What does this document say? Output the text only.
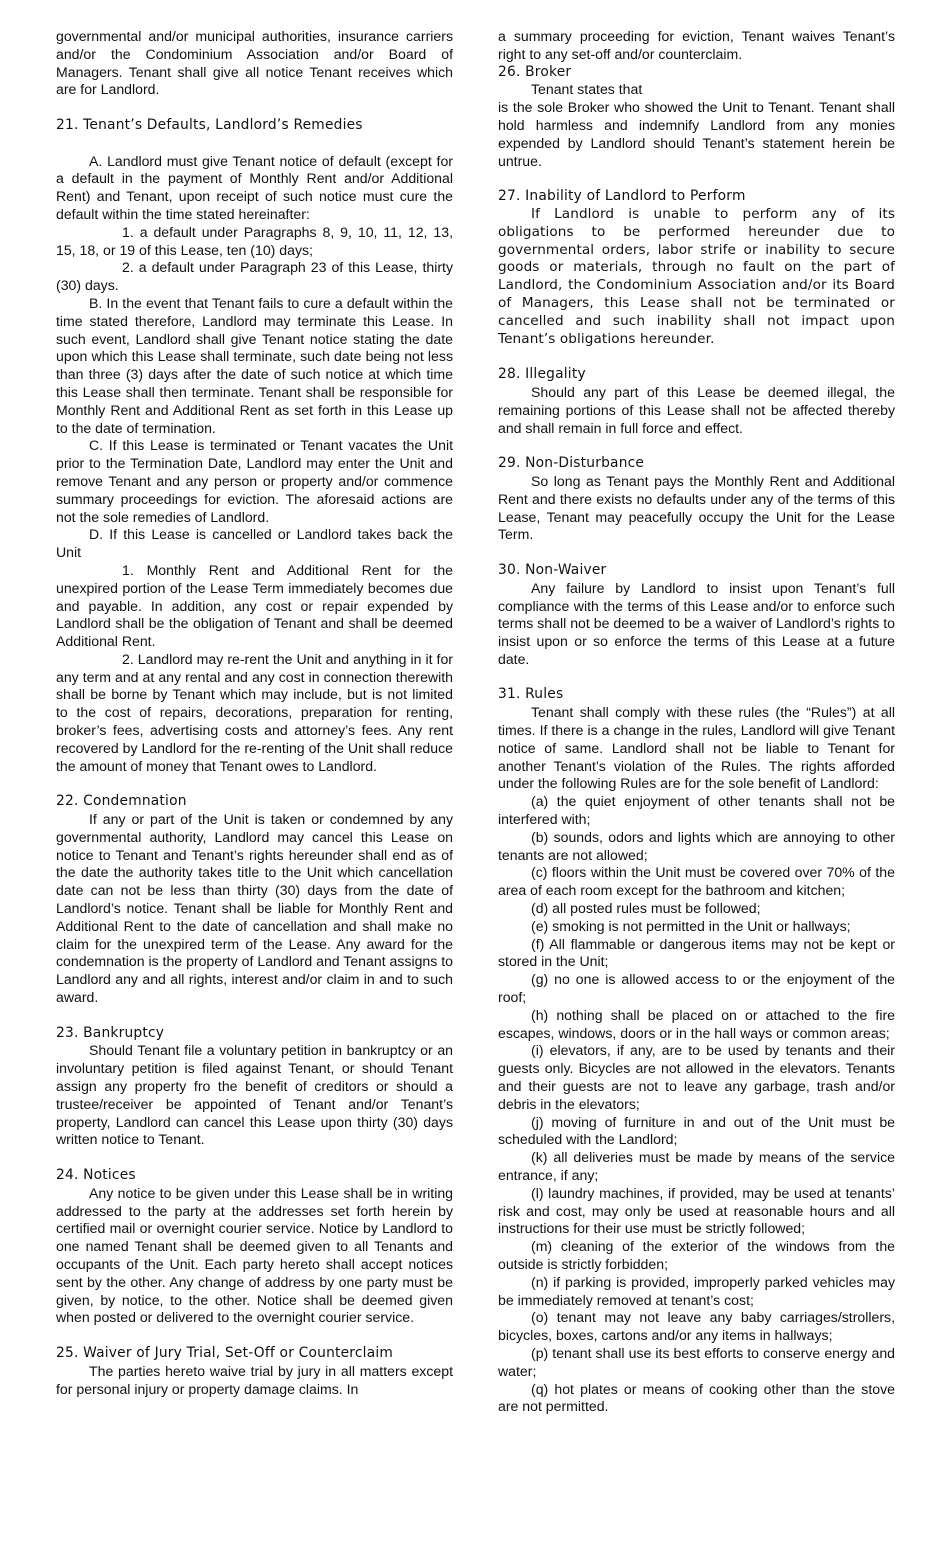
governmental and/or municipal authorities, insurance carriers and/or the Condominium Association and/or Board of Managers. Tenant shall give all notice Tenant receives which are for Landlord.

21. Tenant’s Defaults, Landlord’s Remedies

A. Landlord must give Tenant notice of default (except for a default in the payment of Monthly Rent and/or Additional Rent) and Tenant, upon receipt of such notice must cure the default within the time stated hereinafter:

1. a default under Paragraphs 8, 9, 10, 11, 12, 13, 15, 18, or 19 of this Lease, ten (10) days;

2. a default under Paragraph 23 of this Lease, thirty (30) days.

B. In the event that Tenant fails to cure a default within the time stated therefore, Landlord may terminate this Lease. In such event, Landlord shall give Tenant notice stating the date upon which this Lease shall terminate, such date being not less than three (3) days after the date of such notice at which time this Lease shall then terminate. Tenant shall be responsible for Monthly Rent and Additional Rent as set forth in this Lease up to the date of termination.

C. If this Lease is terminated or Tenant vacates the Unit prior to the Termination Date, Landlord may enter the Unit and remove Tenant and any person or property and/or commence summary proceedings for eviction. The aforesaid actions are not the sole remedies of Landlord.

D. If this Lease is cancelled or Landlord takes back the Unit

1. Monthly Rent and Additional Rent for the unexpired portion of the Lease Term immediately becomes due and payable. In addition, any cost or repair expended by Landlord shall be the obligation of Tenant and shall be deemed Additional Rent.

2. Landlord may re-rent the Unit and anything in it for any term and at any rental and any cost in connection therewith shall be borne by Tenant which may include, but is not limited to the cost of repairs, decorations, preparation for renting, broker’s fees, advertising costs and attorney’s fees. Any rent recovered by Landlord for the re-renting of the Unit shall reduce the amount of money that Tenant owes to Landlord.

22. Condemnation

If any or part of the Unit is taken or condemned by any governmental authority, Landlord may cancel this Lease on notice to Tenant and Tenant’s rights hereunder shall end as of the date the authority takes title to the Unit which cancellation date can not be less than thirty (30) days from the date of Landlord’s notice. Tenant shall be liable for Monthly Rent and Additional Rent to the date of cancellation and shall make no claim for the unexpired term of the Lease. Any award for the condemnation is the property of Landlord and Tenant assigns to Landlord any and all rights, interest and/or claim in and to such award.

23. Bankruptcy

Should Tenant file a voluntary petition in bankruptcy or an involuntary petition is filed against Tenant, or should Tenant assign any property fro the benefit of creditors or should a trustee/receiver be appointed of Tenant and/or Tenant’s property, Landlord can cancel this Lease upon thirty (30) days written notice to Tenant.

24. Notices

Any notice to be given under this Lease shall be in writing addressed to the party at the addresses set forth herein by certified mail or overnight courier service. Notice by Landlord to one named Tenant shall be deemed given to all Tenants and occupants of the Unit. Each party hereto shall accept notices sent by the other. Any change of address by one party must be given, by notice, to the other. Notice shall be deemed given when posted or delivered to the overnight courier service.

25. Waiver of Jury Trial, Set-Off or Counterclaim

The parties hereto waive trial by jury in all matters except for personal injury or property damage claims. In

a summary proceeding for eviction, Tenant waives Tenant’s right to any set-off and/or counterclaim.

26. Broker

Tenant states that

is the sole Broker who showed the Unit to Tenant. Tenant shall hold harmless and indemnify Landlord from any monies expended by Landlord should Tenant’s statement herein be untrue.

27. Inability of Landlord to Perform

If Landlord is unable to perform any of its obligations to be performed hereunder due to governmental orders, labor strife or inability to secure goods or materials, through no fault on the part of Landlord, the Condominium Association and/or its Board of Managers, this Lease shall not be terminated or cancelled and such inability shall not impact upon Tenant’s obligations hereunder.

28. Illegality

Should any part of this Lease be deemed illegal, the remaining portions of this Lease shall not be affected thereby and shall remain in full force and effect.

29. Non-Disturbance

So long as Tenant pays the Monthly Rent and Additional Rent and there exists no defaults under any of the terms of this Lease, Tenant may peacefully occupy the Unit for the Lease Term.

30. Non-Waiver

Any failure by Landlord to insist upon Tenant’s full compliance with the terms of this Lease and/or to enforce such terms shall not be deemed to be a waiver of Landlord’s rights to insist upon or so enforce the terms of this Lease at a future date.

31. Rules

Tenant shall comply with these rules (the “Rules”) at all times. If there is a change in the rules, Landlord will give Tenant notice of same. Landlord shall not be liable to Tenant for another Tenant’s violation of the Rules. The rights afforded under the following Rules are for the sole benefit of Landlord:

(a) the quiet enjoyment of other tenants shall not be interfered with;

(b) sounds, odors and lights which are annoying to other tenants are not allowed;

(c) floors within the Unit must be covered over 70% of the area of each room except for the bathroom and kitchen;

(d) all posted rules must be followed;

(e) smoking is not permitted in the Unit or hallways;

(f) All flammable or dangerous items may not be kept or stored in the Unit;

(g) no one is allowed access to or the enjoyment of the roof;

(h) nothing shall be placed on or attached to the fire escapes, windows, doors or in the hall ways or common areas;

(i) elevators, if any, are to be used by tenants and their guests only. Bicycles are not allowed in the elevators. Tenants and their guests are not to leave any garbage, trash and/or debris in the elevators;

(j) moving of furniture in and out of the Unit must be scheduled with the Landlord;

(k) all deliveries must be made by means of the service entrance, if any;

(l) laundry machines, if provided, may be used at tenants’ risk and cost, may only be used at reasonable hours and all instructions for their use must be strictly followed;

(m) cleaning of the exterior of the windows from the outside is strictly forbidden;

(n) if parking is provided, improperly parked vehicles may be immediately removed at tenant’s cost;

(o) tenant may not leave any baby carriages/strollers, bicycles, boxes, cartons and/or any items in hallways;

(p) tenant shall use its best efforts to conserve energy and water;

(q) hot plates or means of cooking other than the stove are not permitted.
